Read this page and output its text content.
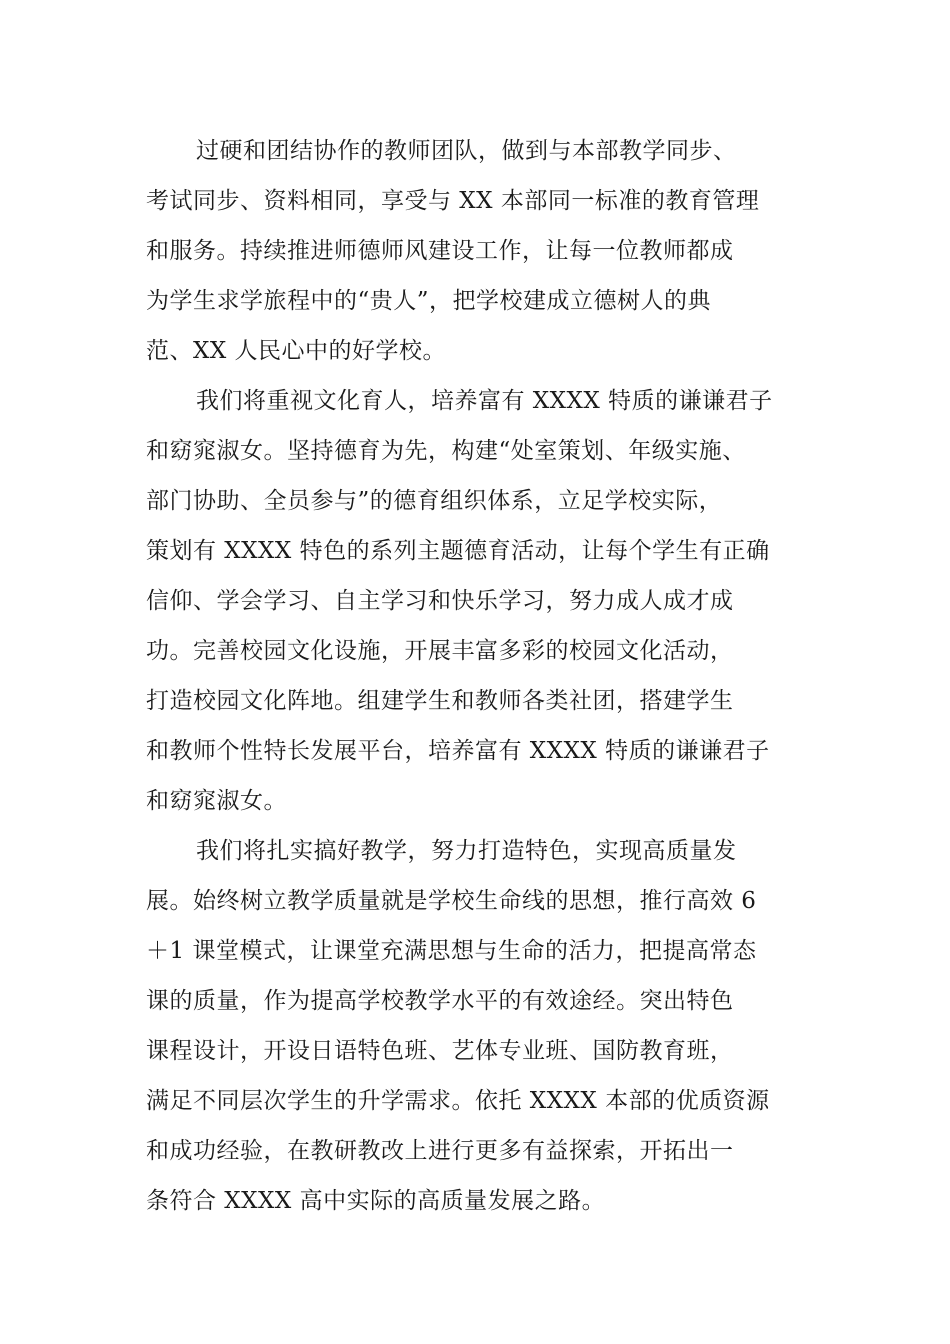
过硬和团结协作的教师团队，做到与本部教学同步、
考试同步、资料相同，享受与 XX 本部同一标准的教育管理
和服务。持续推进师德师风建设工作，让每一位教师都成
为学生求学旅程中的“贵人”，把学校建成立德树人的典
范、XX 人民心中的好学校。
我们将重视文化育人，培养富有 XXXX 特质的谦谦君子
和窈窕淑女。坚持德育为先，构建“处室策划、年级实施、
部门协助、全员参与”的德育组织体系，立足学校实际，
策划有 XXXX 特色的系列主题德育活动，让每个学生有正确
信仰、学会学习、自主学习和快乐学习，努力成人成才成
功。完善校园文化设施，开展丰富多彩的校园文化活动，
打造校园文化阵地。组建学生和教师各类社团，搭建学生
和教师个性特长发展平台，培养富有 XXXX 特质的谦谦君子
和窈窕淑女。
我们将扎实搞好教学，努力打造特色，实现高质量发
展。始终树立教学质量就是学校生命线的思想，推行高效 6
＋1 课堂模式，让课堂充满思想与生命的活力，把提高常态
课的质量，作为提高学校教学水平的有效途经。突出特色
课程设计，开设日语特色班、艺体专业班、国防教育班，
满足不同层次学生的升学需求。依托 XXXX 本部的优质资源
和成功经验，在教研教改上进行更多有益探索，开拓出一
条符合 XXXX 高中实际的高质量发展之路。
